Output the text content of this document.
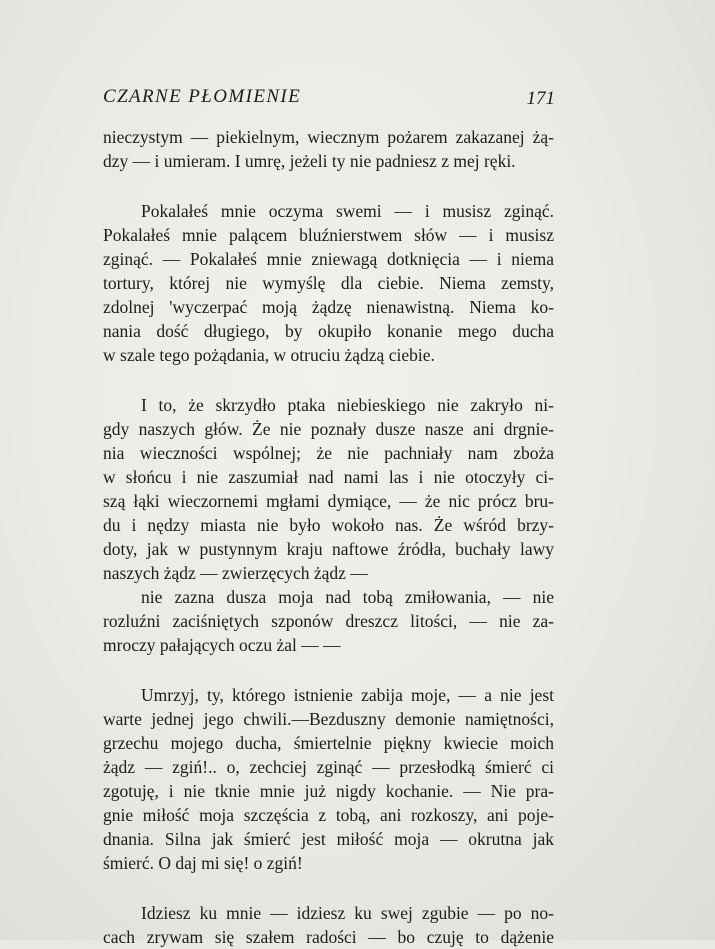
CZARNE PŁOMIENIE	171
nieczystym — piekielnym, wiecznym pożarem zakazanej żą-
dzy — i umieram. I umrę, jeżeli ty nie padniesz z mej ręki.
Pokalałeś mnie oczyma swemi — i musisz zginąć.
Pokalałeś mnie palącem bluźnierstwem słów — i musisz
zginąć. — Pokalałeś mnie zniewagą dotknięcia — i niema
tortury, której nie wymyślę dla ciebie. Niema zemsty,
zdolnej 'wyczerpać moją żądzę nienawistną. Niema ko-
nania dość długiego, by okupiło konanie mego ducha
w szale tego pożądania, w otruciu żądzą ciebie.
I to, że skrzydło ptaka niebieskiego nie zakryło ni-
gdy naszych głów. Że nie poznały dusze nasze ani drgnie-
nia wieczności wspólnej; że nie pachniały nam zboża
w słońcu i nie zaszumiał nad nami las i nie otoczyły ci-
szą łąki wieczornemi mgłami dymiące, — że nic prócz bru-
du i nędzy miasta nie było wokoło nas. Że wśród brzy-
doty, jak w pustynnym kraju naftowe źródła, buchały lawy
naszych żądz — zwierzęcych żądz —
nie zazna dusza moja nad tobą zmiłowania, — nie
rozluźni zaciśniętych szponów dreszcz litości, — nie za-
mroczy pałających oczu żal — —
Umrzyj, ty, którego istnienie zabija moje, — a nie jest
warte jednej jego chwili.—Bezduszny demonie namiętności,
grzechu mojego ducha, śmiertelnie piękny kwiecie moich
żądz — zgiń!.. o, zechciej zginąć — przesłodką śmierć ci
zgotuję, i nie tknie mnie już nigdy kochanie. — Nie pra-
gnie miłość moja szczęścia z tobą, ani rozkoszy, ani poje-
dnania. Silna jak śmierć jest miłość moja — okrutna jak
śmierć. O daj mi się! o zgiń!
Idziesz ku mnie — idziesz ku swej zgubie — po no-
cach zrywam się szałem radości — bo czuję to dążenie
